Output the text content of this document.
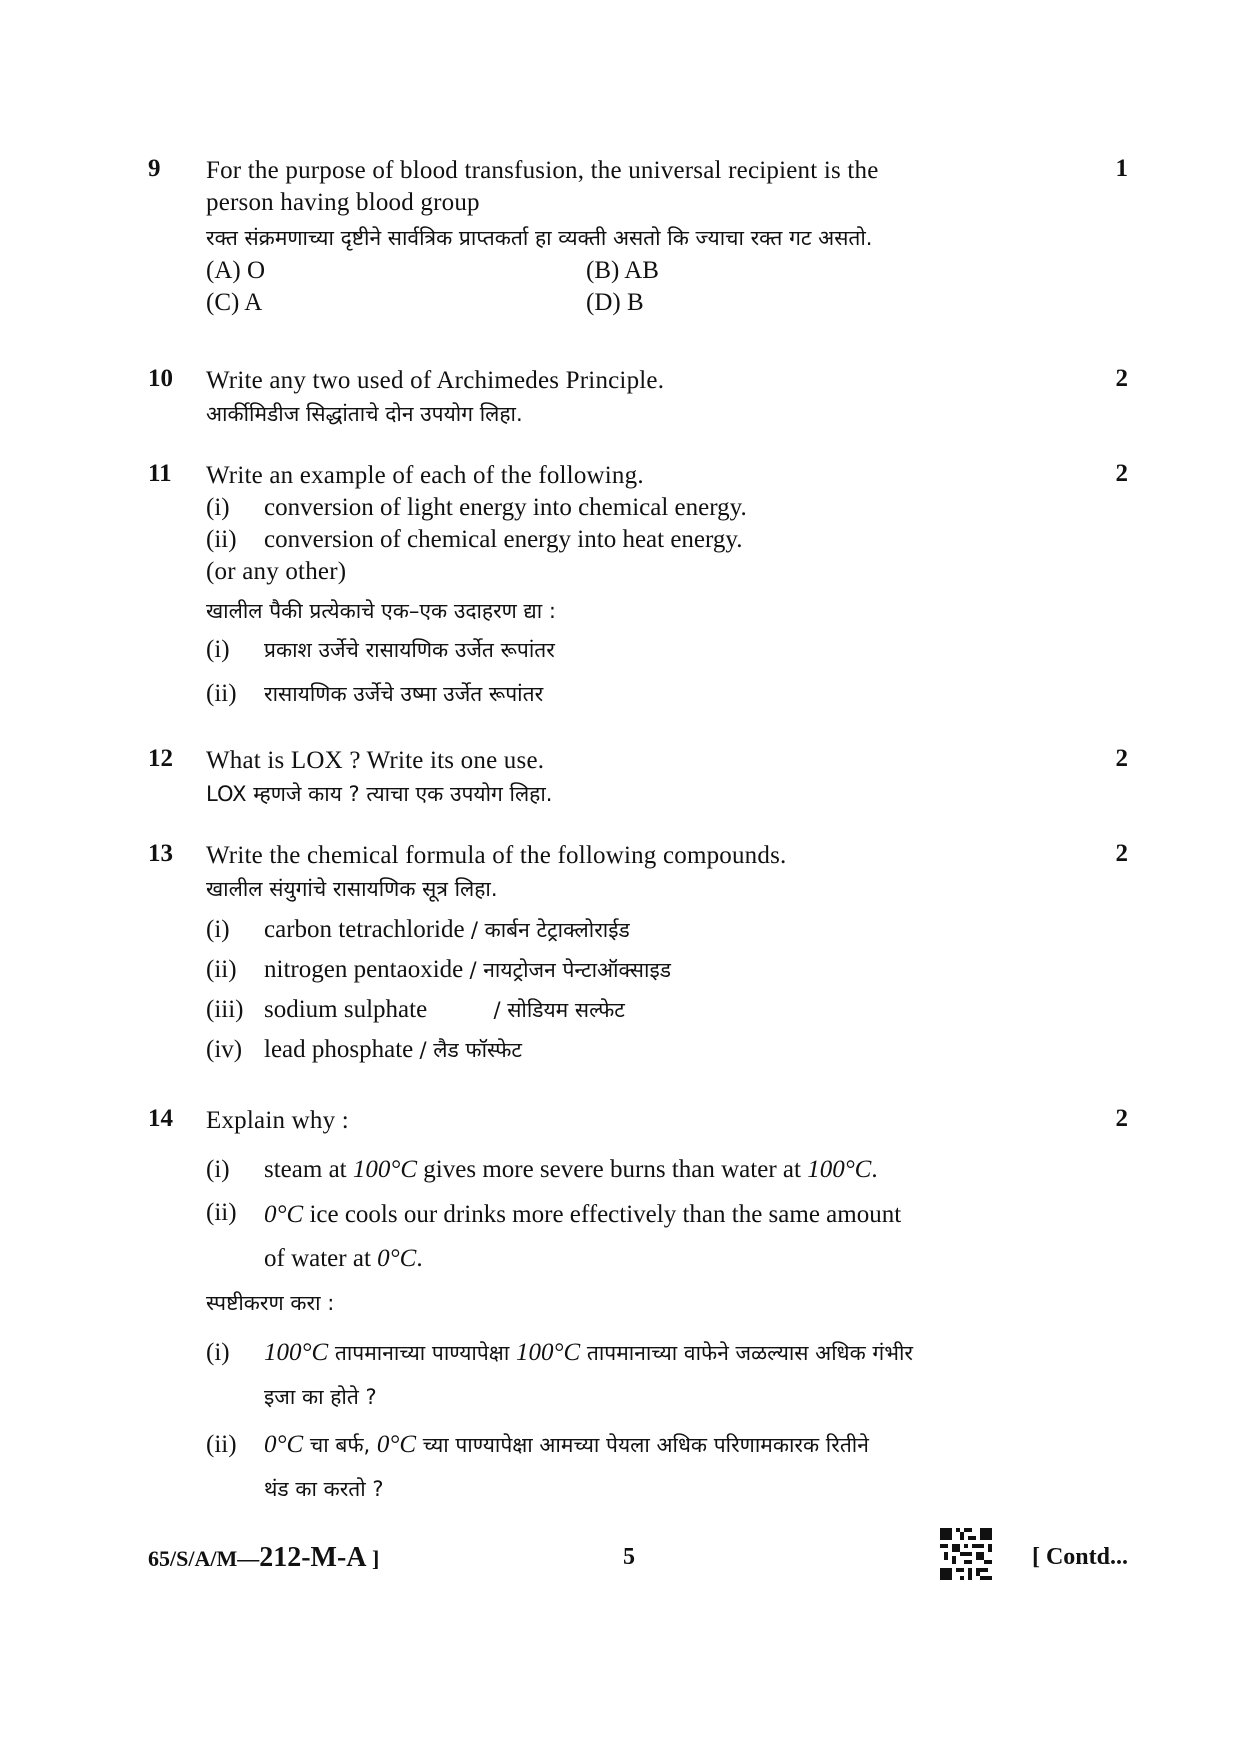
9	1
For the purpose of blood transfusion, the universal recipient is the
person having blood group
रक्त संक्रमणाच्या दृष्टीने सार्वत्रिक प्राप्तकर्ता हा व्यक्ती असतो कि ज्याचा रक्त गट असतो.
(A) O	(B) AB
(C) A	(D) B
10	2
Write any two used of Archimedes Principle.
आर्कीमिडीज सिद्धांताचे दोन उपयोग लिहा.
11	2
Write an example of each of the following.
(i)	conversion of light energy into chemical energy.
(ii)	conversion of chemical energy into heat energy.
(or any other)
खालील पैकी प्रत्येकाचे एक–एक उदाहरण द्या :
(i)	प्रकाश उर्जेचे रासायणिक उर्जेत रूपांतर
(ii)	रासायणिक उर्जेचे उष्मा उर्जेत रूपांतर
12	2
What is LOX ? Write its one use.
LOX म्हणजे काय ? त्याचा एक उपयोग लिहा.
13	2
Write the chemical formula of the following compounds.
खालील संयुगांचे रासायणिक सूत्र लिहा.
(i)	carbon tetrachloride / कार्बन टेट्राक्लोराईड
(ii)	nitrogen pentaoxide / नायट्रोजन पेन्टाऑक्साइड
(iii) sodium sulphate	/ सोडियम सल्फेट
(iv) lead phosphate / लैड फॉस्फेट
14	2
Explain why :
(i)	steam at 100°C gives more severe burns than water at 100°C.
(ii)	0°C ice cools our drinks more effectively than the same amount
of water at 0°C.
स्पष्टीकरण करा :
(i)	100°C तापमानाच्या पाण्यापेक्षा 100°C तापमानाच्या वाफेने जळल्यास अधिक गंभीर
इजा का होते ?
(ii)	0°C चा बर्फ, 0°C च्या पाण्यापेक्षा आमच्या पेयला अधिक परिणामकारक रितीने
थंड का करतो ?
65/S/A/M—212-M-A ]	5	[ Contd...
